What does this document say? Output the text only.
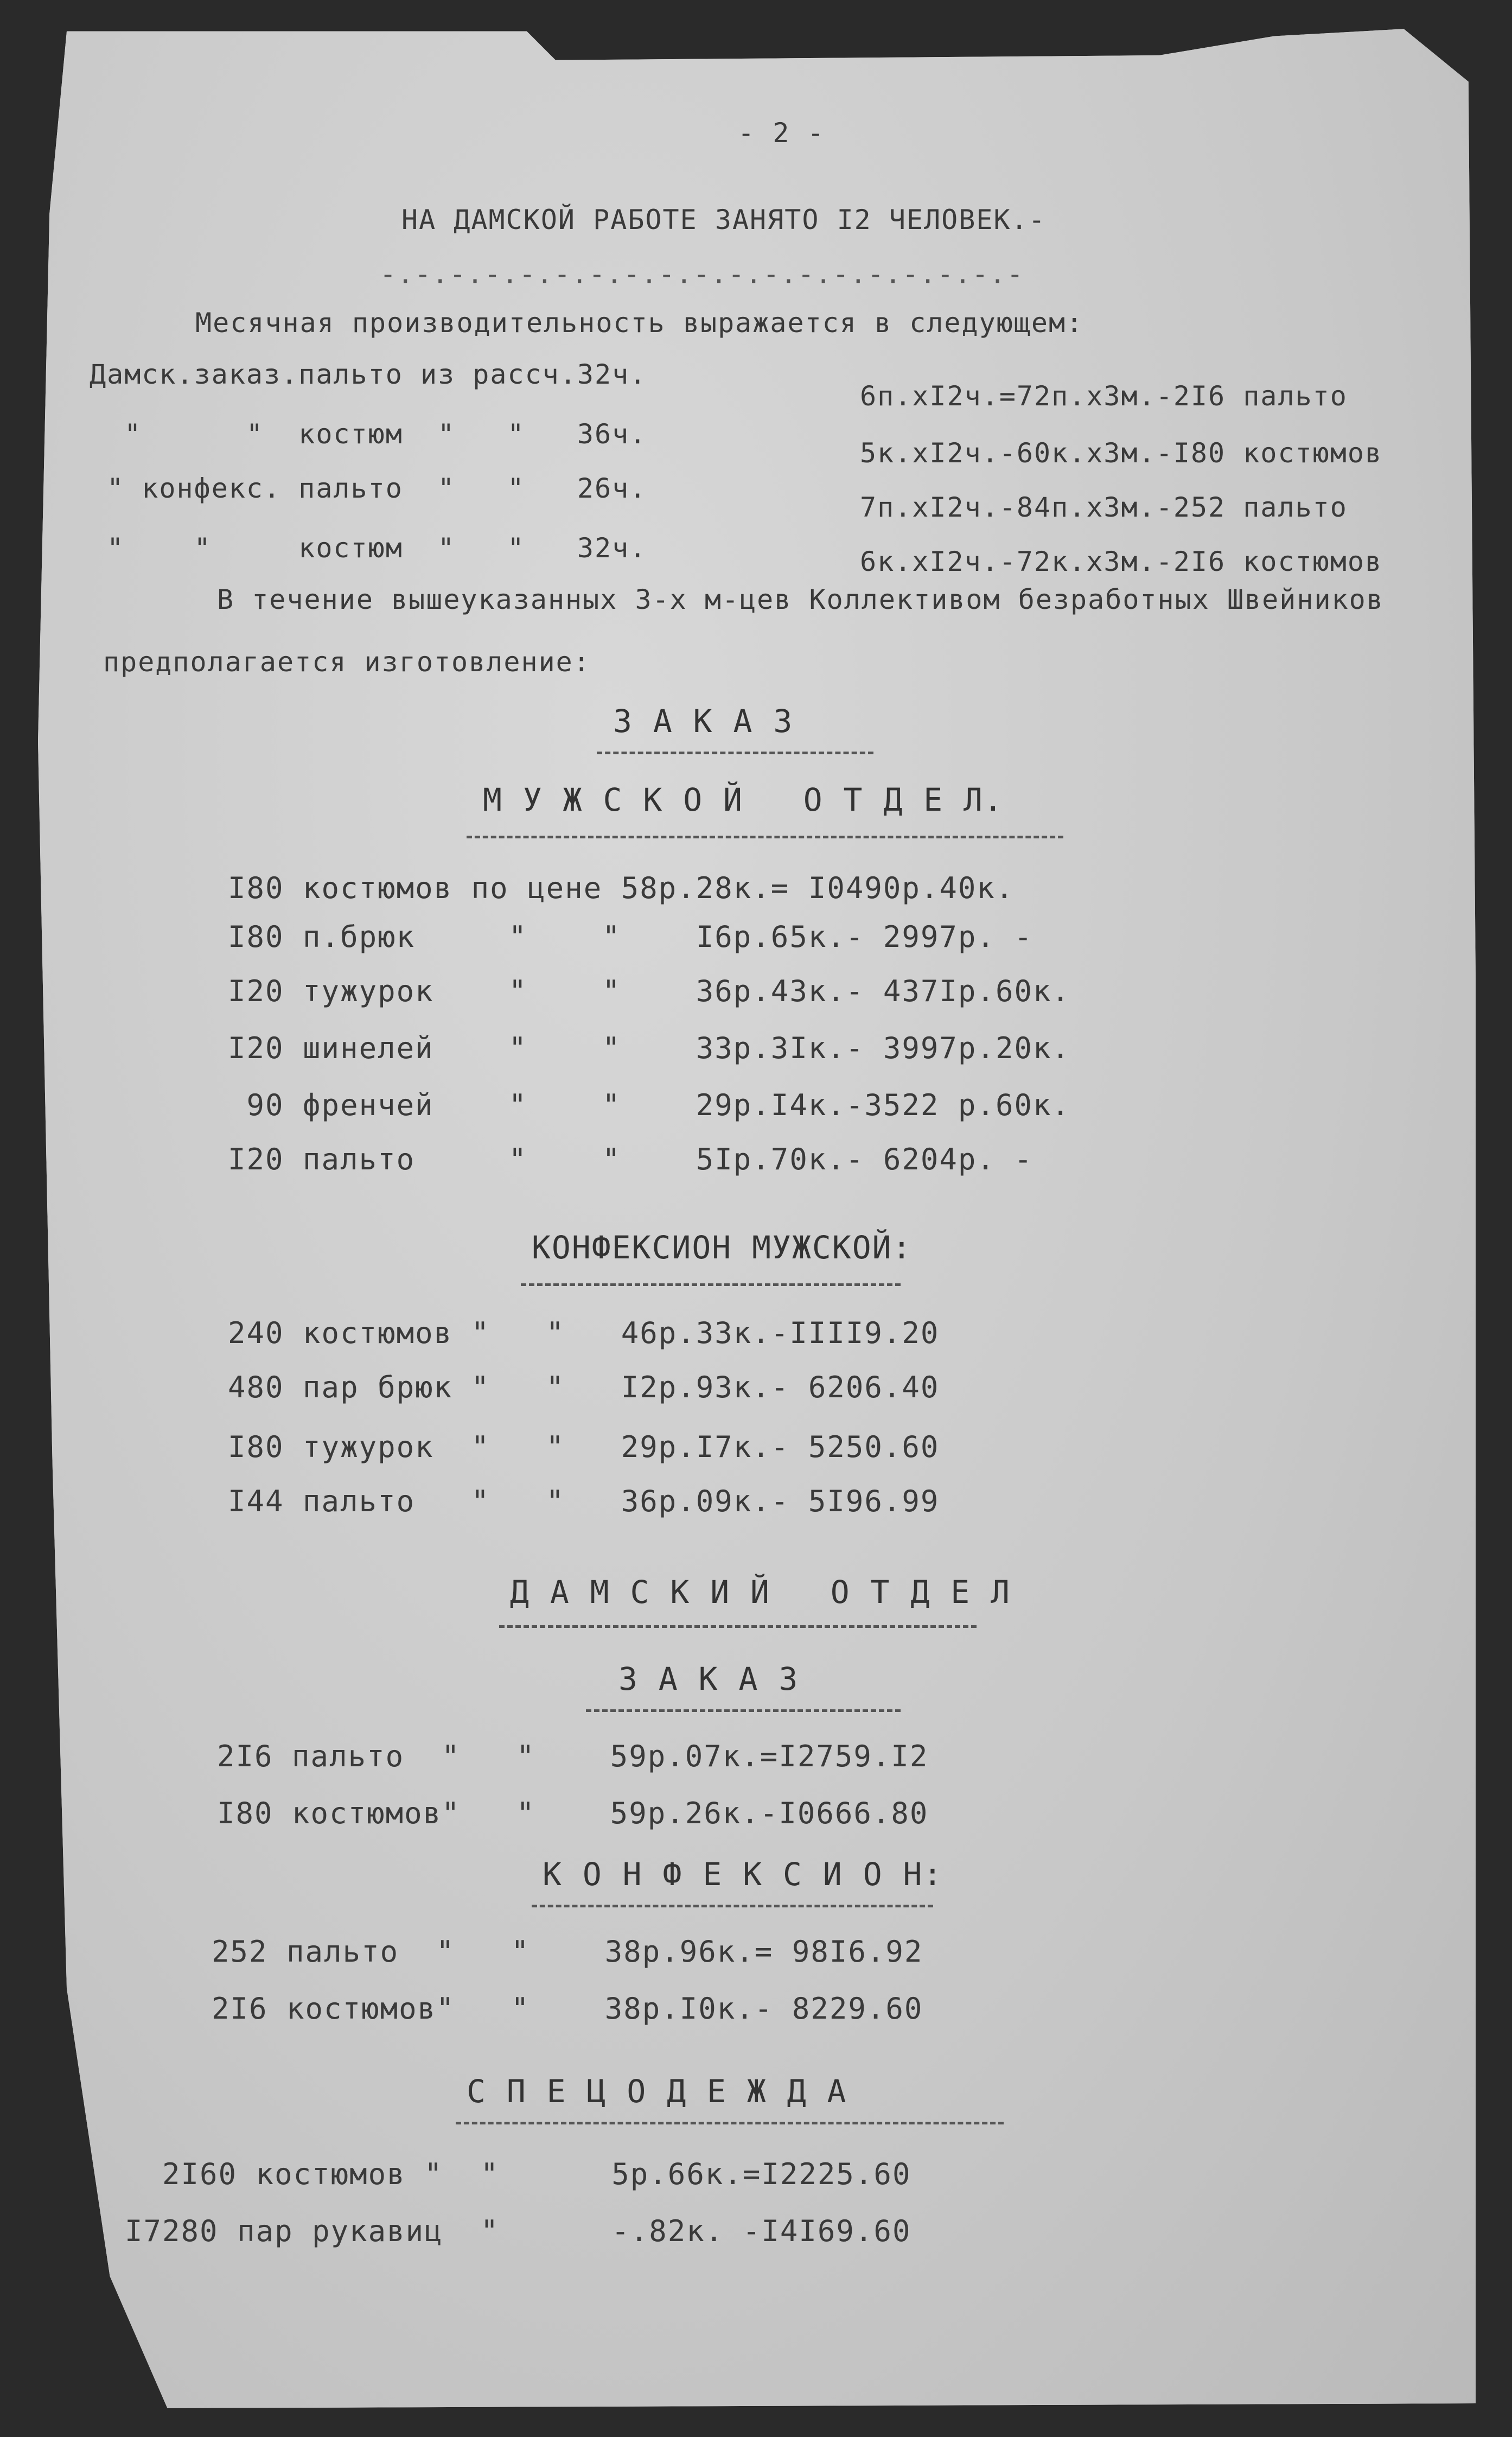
- 2 -
НА ДАМСКОЙ РАБОТЕ ЗАНЯТО I2 ЧЕЛОВЕК.-
-.-.-.-.-.-.-.-.-.-.-.-.-.-.-.-.-.-.-
Месячная производительность выражается в следующем:
Дамск.заказ.пальто из рассч.32ч.
6п.хI2ч.=72п.х3м.-2I6 пальто
"      "  костюм  "   "   36ч.
5к.хI2ч.-60к.х3м.-I80 костюмов
" конфекс. пальто  "   "   26ч.
7п.хI2ч.-84п.х3м.-252 пальто
"    "     костюм  "   "   32ч.	6к.хI2ч.-72к.х3м.-2I6 костюмов
В течение вышеуказанных 3-х м-цев Коллективом безработных Швейников
предполагается изготовление:
З А К А З
М У Ж С К О Й   О Т Д Е Л.
I80 костюмов по цене 58р.28к.= I0490р.40к.
I80 п.брюк     "    "    I6р.65к.- 2997р. -
I20 тужурок    "    "    36р.43к.- 437Iр.60к.
I20 шинелей    "    "    33р.3Iк.- 3997р.20к.
90 френчей    "    "    29р.I4к.-3522 р.60к.
I20 пальто     "    "    5Iр.70к.- 6204р. -
КОНФЕКСИОН МУЖСКОЙ:
240 костюмов "   "   46р.33к.-IIII9.20
480 пар брюк "   "   I2р.93к.- 6206.40
I80 тужурок  "   "   29р.I7к.- 5250.60
I44 пальто   "   "   36р.09к.- 5I96.99
Д А М С К И Й   О Т Д Е Л
З А К А З
2I6 пальто  "   "    59р.07к.=I2759.I2
I80 костюмов"   "    59р.26к.-I0666.80
К О Н Ф Е К С И О Н:
252 пальто  "   "    38р.96к.= 98I6.92
2I6 костюмов"   "    38р.I0к.- 8229.60
С П Е Ц О Д Е Ж Д А
2I60 костюмов "  "      5р.66к.=I2225.60
I7280 пар рукавиц  "      -.82к. -I4I69.60
